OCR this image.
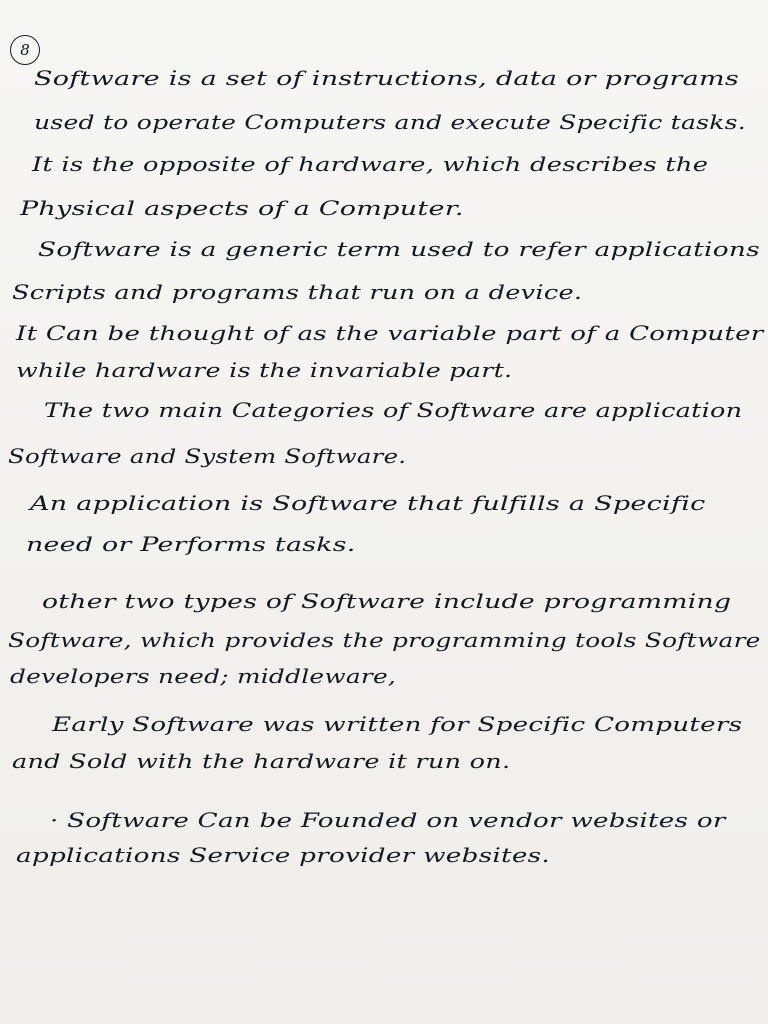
8
Software is a set of instructions, data or programs
used to operate Computers and execute Specific tasks.
It is the opposite of hardware, which describes the
Physical aspects of a Computer.
Software is a generic term used to refer applications
Scripts and programs that run on a device.
It Can be thought of as the variable part of a Computer
while hardware is the invariable part.
The two main Categories of Software are application
Software and System Software.
An application is Software that fulfills a Specific
need or Performs tasks.
other two types of Software include programming
Software, which provides the programming tools Software
developers need; middleware,
Early Software was written for Specific Computers
and Sold with the hardware it run on.
· Software Can be Founded on vendor websites or
applications Service provider websites.
